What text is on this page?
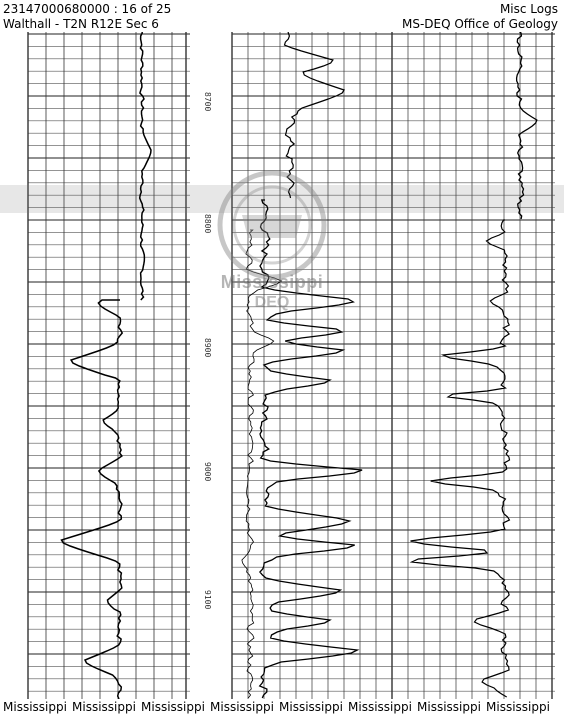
23147000680000 : 16 of 25
Walthall - T2N R12E Sec 6
Misc Logs
MS-DEQ Office of Geology
8700
8800
8900
9000
9100
Mississippi
DEQ
Mississippi Mississippi Mississippi Mississippi Mississippi Mississippi Mississippi Mississippi
